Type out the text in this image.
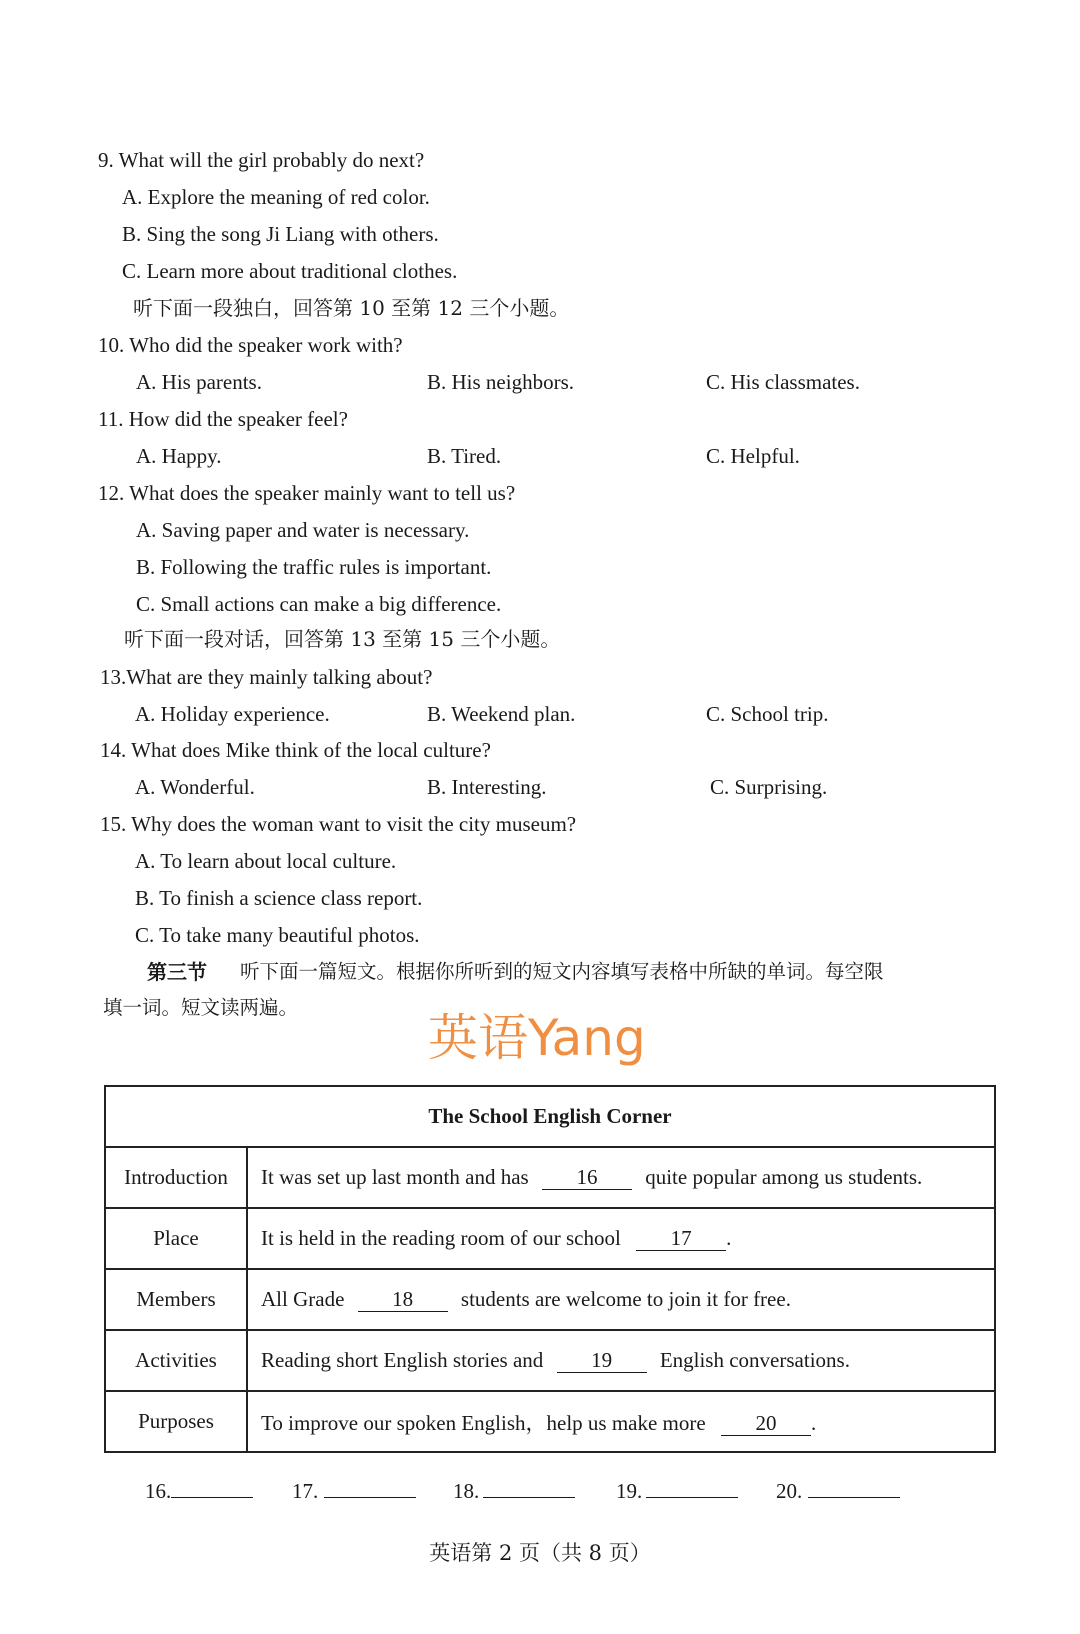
9. What will the girl probably do next?
A. Explore the meaning of red color.
B. Sing the song Ji Liang with others.
C. Learn more about traditional clothes.
听下面一段独白，回答第 10 至第 12 三个小题。
10. Who did the speaker work with?
A. His parents.	B. His neighbors.	C. His classmates.
11. How did the speaker feel?
A. Happy.	B. Tired.	C. Helpful.
12. What does the speaker mainly want to tell us?
A. Saving paper and water is necessary.
B. Following the traffic rules is important.
C. Small actions can make a big difference.
听下面一段对话，回答第 13 至第 15 三个小题。
13.What are they mainly talking about?
A. Holiday experience.	B. Weekend plan.	C. School trip.
14. What does Mike think of the local culture?
A. Wonderful.	B. Interesting.	C. Surprising.
15. Why does the woman want to visit the city museum?
A. To learn about local culture.
B. To finish a science class report.
C. To take many beautiful photos.
第三节 听下面一篇短文。根据你所听到的短文内容填写表格中所缺的单词。每空限
填一词。短文读两遍。
The School English Corner	
Introduction	It was set up last month and has 16 quite popular among us students.
Place	It is held in the reading room of our school 17 .
Members	All Grade 18 students are welcome to join it for free.
Activities	Reading short English stories and 19 English conversations.
Purposes	To improve our spoken English，help us make more 20 .
16.	17.	18.	19.	20.
英语Yang
英语第 2 页（共 8 页）
